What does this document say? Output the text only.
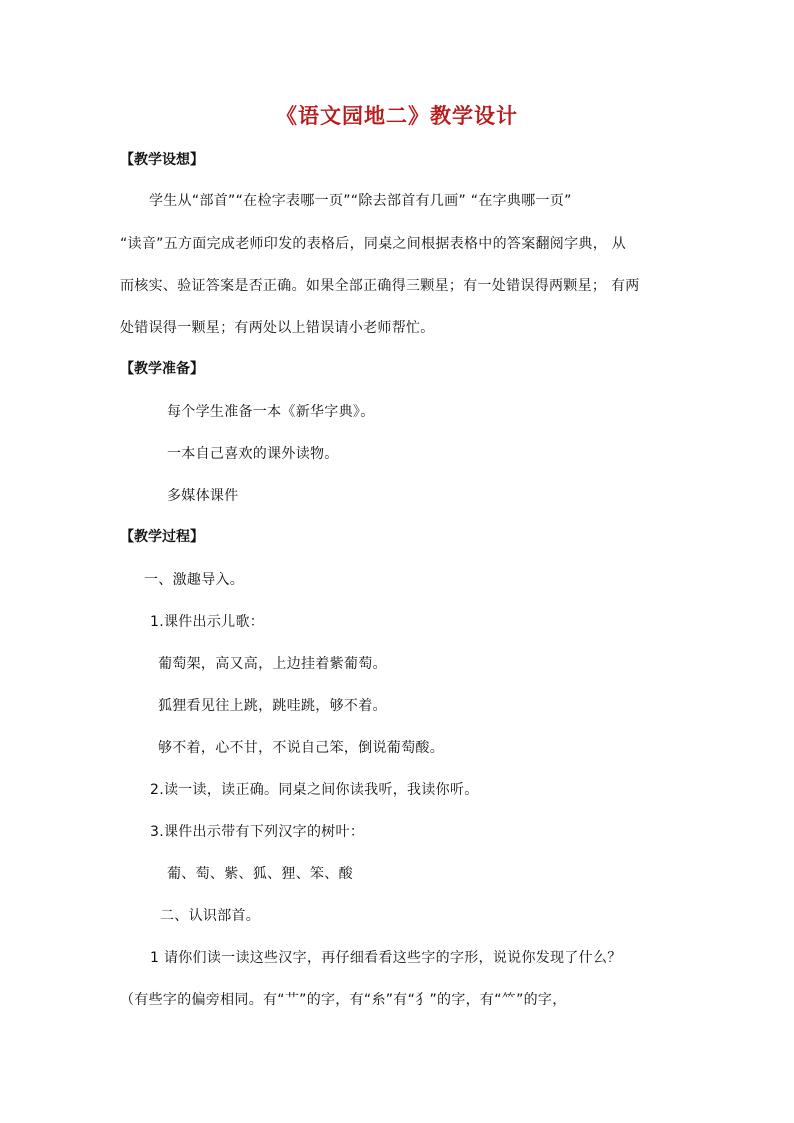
《语文园地二》教学设计
【教学设想】
学生从“部首”“在检字表哪一页”“除去部首有几画” “在字典哪一页”
“读音”五方面完成老师印发的表格后，同桌之间根据表格中的答案翻阅字典， 从
而核实、验证答案是否正确。如果全部正确得三颗星；有一处错误得两颗星； 有两
处错误得一颗星；有两处以上错误请小老师帮忙。
【教学准备】
每个学生准备一本《新华字典》。
一本自己喜欢的课外读物。
多媒体课件
【教学过程】
一、激趣导入。
1.课件出示儿歌：
葡萄架，高又高，上边挂着紫葡萄。
狐狸看见往上跳，跳哇跳，够不着。
够不着，心不甘，不说自己笨，倒说葡萄酸。
2.读一读，读正确。同桌之间你读我听，我读你听。
3.课件出示带有下列汉字的树叶：
葡、萄、紫、狐、狸、笨、酸
二、认识部首。
1 请你们读一读这些汉字，再仔细看看这些字的字形，说说你发现了什么？
（有些字的偏旁相同。有“艹”的字，有“糸”有“犭”的字，有“⺮”的字，
